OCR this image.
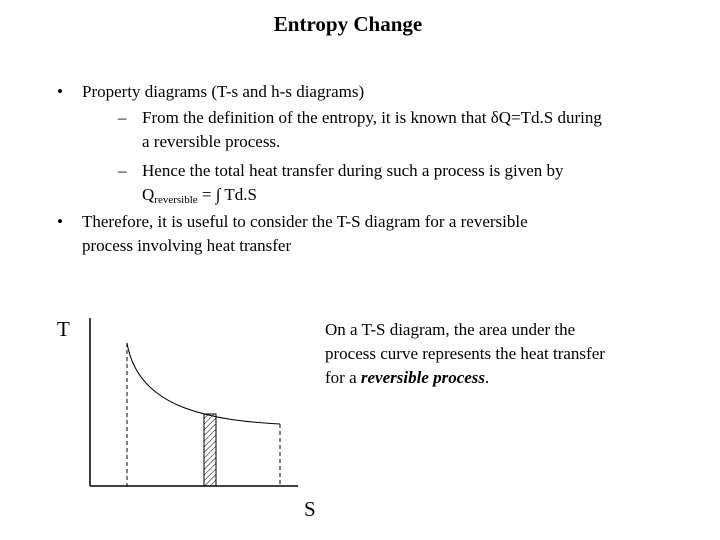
Entropy Change
• Property diagrams (T-s and h-s diagrams)
– From the definition of the entropy, it is known that δQ=Td.S during
a reversible process.
– Hence the total heat transfer during such a process is given by
$Q_{reversible}$ = ∫ Td.S
• Therefore, it is useful to consider the T-S diagram for a reversible
process involving heat transfer
T
S
On a T-S diagram, the area under the
process curve represents the heat transfer
for a reversible process.
